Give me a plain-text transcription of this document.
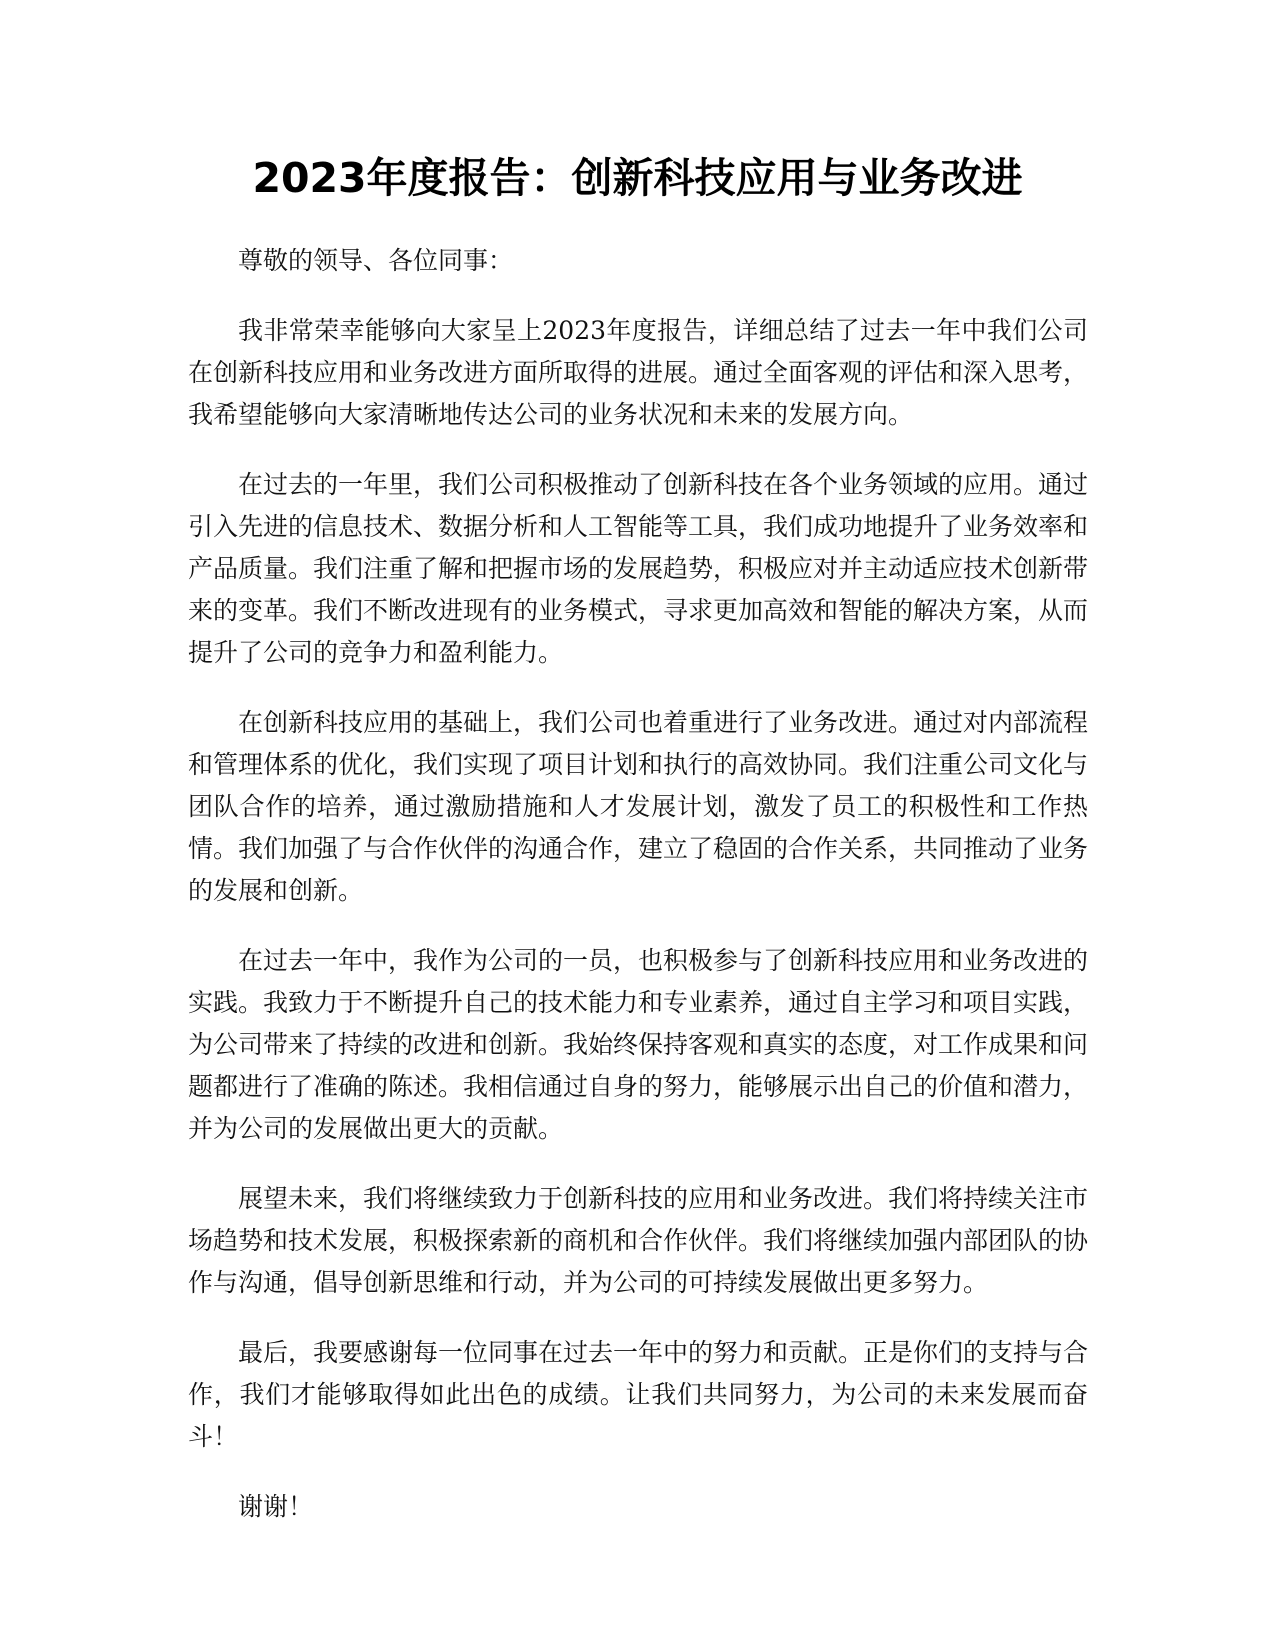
2023年度报告：创新科技应用与业务改进

尊敬的领导、各位同事：

我非常荣幸能够向大家呈上2023年度报告，详细总结了过去一年中我们公司在创新科技应用和业务改进方面所取得的进展。通过全面客观的评估和深入思考，我希望能够向大家清晰地传达公司的业务状况和未来的发展方向。

在过去的一年里，我们公司积极推动了创新科技在各个业务领域的应用。通过引入先进的信息技术、数据分析和人工智能等工具，我们成功地提升了业务效率和产品质量。我们注重了解和把握市场的发展趋势，积极应对并主动适应技术创新带来的变革。我们不断改进现有的业务模式，寻求更加高效和智能的解决方案，从而提升了公司的竞争力和盈利能力。

在创新科技应用的基础上，我们公司也着重进行了业务改进。通过对内部流程和管理体系的优化，我们实现了项目计划和执行的高效协同。我们注重公司文化与团队合作的培养，通过激励措施和人才发展计划，激发了员工的积极性和工作热情。我们加强了与合作伙伴的沟通合作，建立了稳固的合作关系，共同推动了业务的发展和创新。

在过去一年中，我作为公司的一员，也积极参与了创新科技应用和业务改进的实践。我致力于不断提升自己的技术能力和专业素养，通过自主学习和项目实践，为公司带来了持续的改进和创新。我始终保持客观和真实的态度，对工作成果和问题都进行了准确的陈述。我相信通过自身的努力，能够展示出自己的价值和潜力，并为公司的发展做出更大的贡献。

展望未来，我们将继续致力于创新科技的应用和业务改进。我们将持续关注市场趋势和技术发展，积极探索新的商机和合作伙伴。我们将继续加强内部团队的协作与沟通，倡导创新思维和行动，并为公司的可持续发展做出更多努力。

最后，我要感谢每一位同事在过去一年中的努力和贡献。正是你们的支持与合作，我们才能够取得如此出色的成绩。让我们共同努力，为公司的未来发展而奋斗！

谢谢！
